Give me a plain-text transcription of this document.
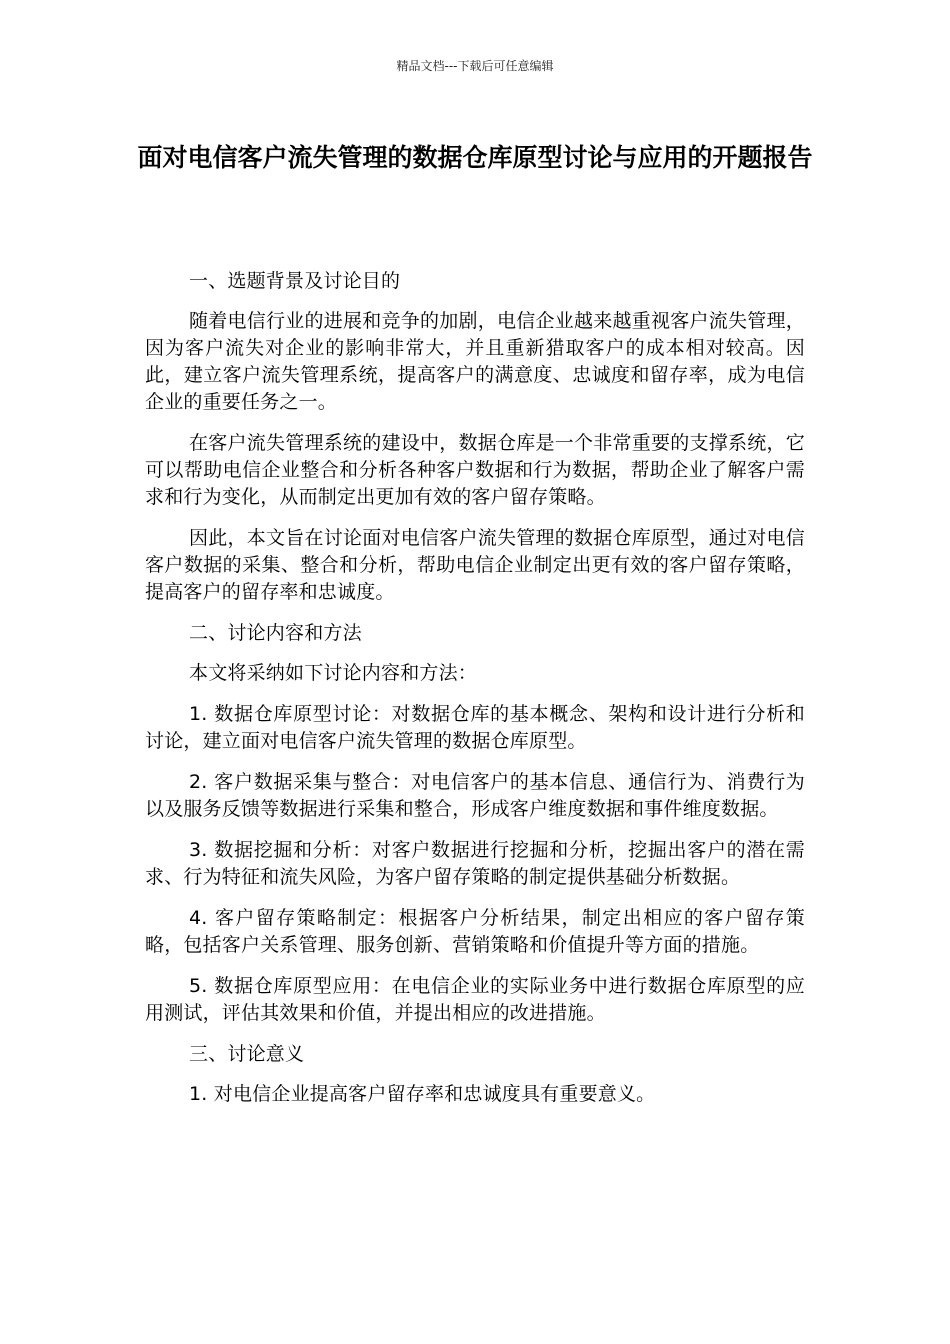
精品文档---下载后可任意编辑
面对电信客户流失管理的数据仓库原型讨论与应用的开题报告

一、选题背景及讨论目的

随着电信行业的进展和竞争的加剧，电信企业越来越重视客户流失管理，因为客户流失对企业的影响非常大，并且重新猎取客户的成本相对较高。因此，建立客户流失管理系统，提高客户的满意度、忠诚度和留存率，成为电信企业的重要任务之一。

在客户流失管理系统的建设中，数据仓库是一个非常重要的支撑系统，它可以帮助电信企业整合和分析各种客户数据和行为数据，帮助企业了解客户需求和行为变化，从而制定出更加有效的客户留存策略。

因此，本文旨在讨论面对电信客户流失管理的数据仓库原型，通过对电信客户数据的采集、整合和分析，帮助电信企业制定出更有效的客户留存策略，提高客户的留存率和忠诚度。

二、讨论内容和方法

本文将采纳如下讨论内容和方法：

1. 数据仓库原型讨论：对数据仓库的基本概念、架构和设计进行分析和讨论，建立面对电信客户流失管理的数据仓库原型。

2. 客户数据采集与整合：对电信客户的基本信息、通信行为、消费行为以及服务反馈等数据进行采集和整合，形成客户维度数据和事件维度数据。

3. 数据挖掘和分析：对客户数据进行挖掘和分析，挖掘出客户的潜在需求、行为特征和流失风险，为客户留存策略的制定提供基础分析数据。

4. 客户留存策略制定：根据客户分析结果，制定出相应的客户留存策略，包括客户关系管理、服务创新、营销策略和价值提升等方面的措施。

5. 数据仓库原型应用：在电信企业的实际业务中进行数据仓库原型的应用测试，评估其效果和价值，并提出相应的改进措施。

三、讨论意义

1. 对电信企业提高客户留存率和忠诚度具有重要意义。
